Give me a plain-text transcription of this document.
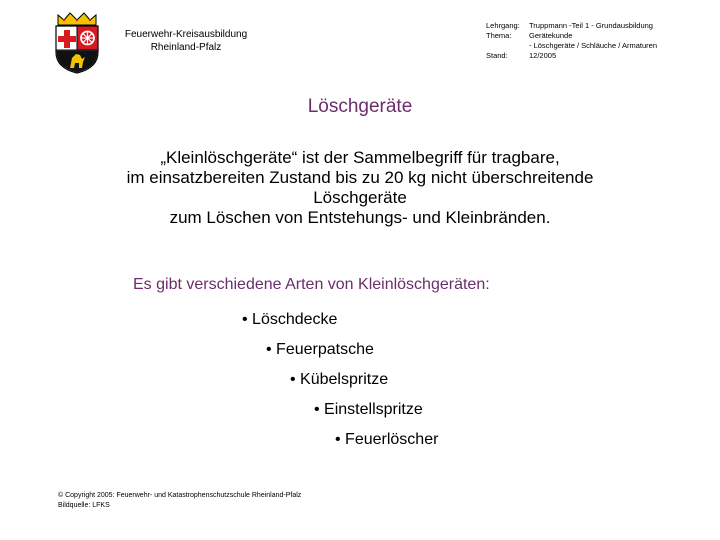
Feuerwehr-Kreisausbildung
Rheinland-Pfalz
Lehrgang:	Truppmann -Teil 1 - Grundausbildung
Thema:	Gerätekunde
- Löschgeräte / Schläuche / Armaturen
Stand:	12/2005
Löschgeräte
„Kleinlöschgeräte“ ist der Sammelbegriff für tragbare,
im einsatzbereiten Zustand bis zu 20 kg nicht überschreitende
Löschgeräte
zum Löschen von Entstehungs- und Kleinbränden.
Es gibt verschiedene Arten von Kleinlöschgeräten:
• Löschdecke
• Feuerpatsche
• Kübelspritze
• Einstellspritze
• Feuerlöscher
© Copyright 2005: Feuerwehr- und Katastrophenschutzschule Rheinland-Pfalz
Bildquelle: LFKS
